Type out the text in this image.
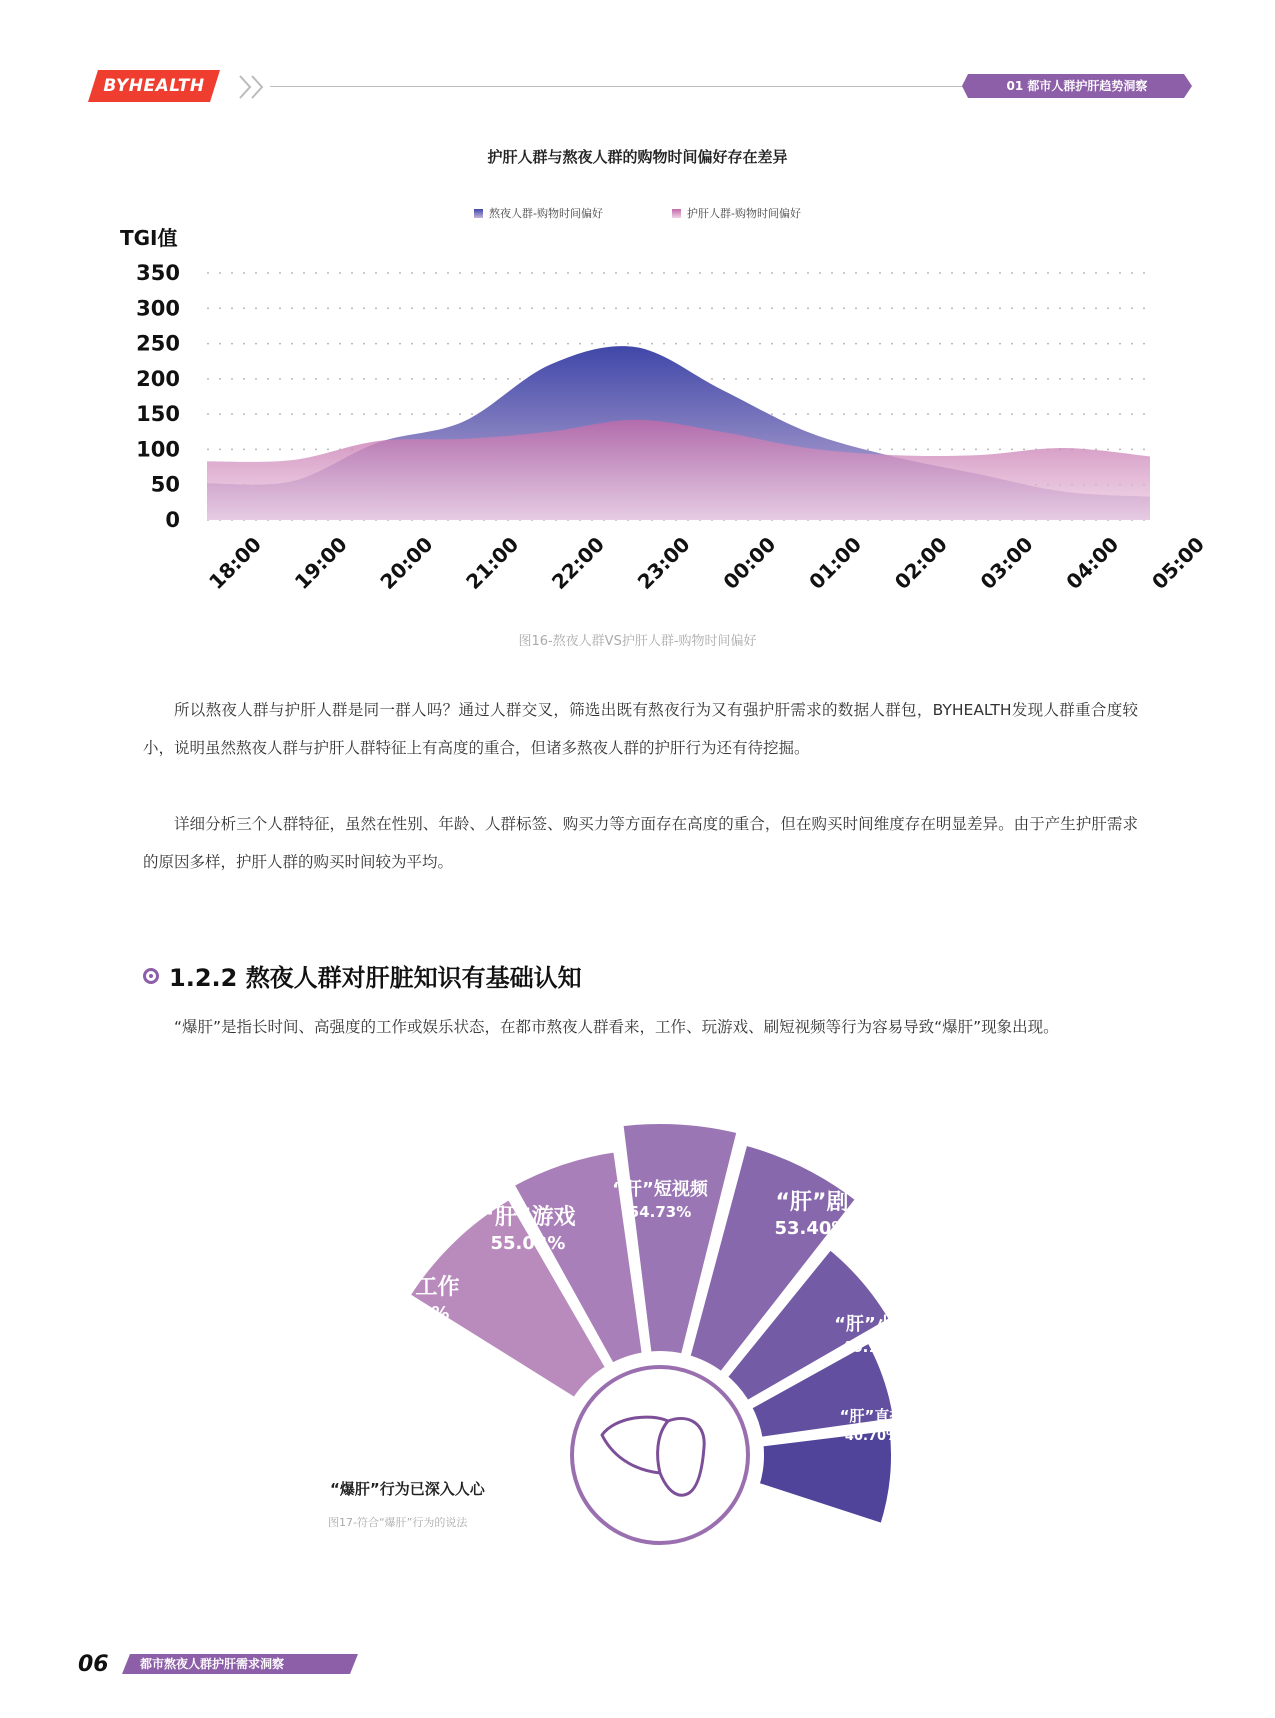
BYHEALTH	01 都市人群护肝趋势洞察
护肝人群与熬夜人群的购物时间偏好存在差异
熬夜人群-购物时间偏好	护肝人群-购物时间偏好
TGI值
0
50
100
150
200
250
300
350
18:00 19:00 20:00 21:00 22:00 23:00 00:00 01:00 02:00 03:00 04:00 05:00
图16-熬夜人群VS护肝人群-购物时间偏好
所以熬夜人群与护肝人群是同一群人吗？通过人群交叉，筛选出既有熬夜行为又有强护肝需求的数据人群包，BYHEALTH发现人群重合度较小，说明虽然熬夜人群与护肝人群特征上有高度的重合，但诸多熬夜人群的护肝行为还有待挖掘。
详细分析三个人群特征，虽然在性别、年龄、人群标签、购买力等方面存在高度的重合，但在购买时间维度存在明显差异。由于产生护肝需求的原因多样，护肝人群的购买时间较为平均。
1.2.2 熬夜人群对肝脏知识有基础认知
“爆肝”是指长时间、高强度的工作或娱乐状态，在都市熬夜人群看来，工作、玩游戏、刷短视频等行为容易导致“爆肝”现象出现。
“肝”工作
58.73%
“肝”游戏
55.03%
“肝”短视频
54.73%	“肝”剧
53.40%
“肝”小说
46.13%
“肝”直播
40.70%
“肝”代码
35.33%
“爆肝”行为已深入人心
图17-符合“爆肝”行为的说法
06	都市熬夜人群护肝需求洞察
